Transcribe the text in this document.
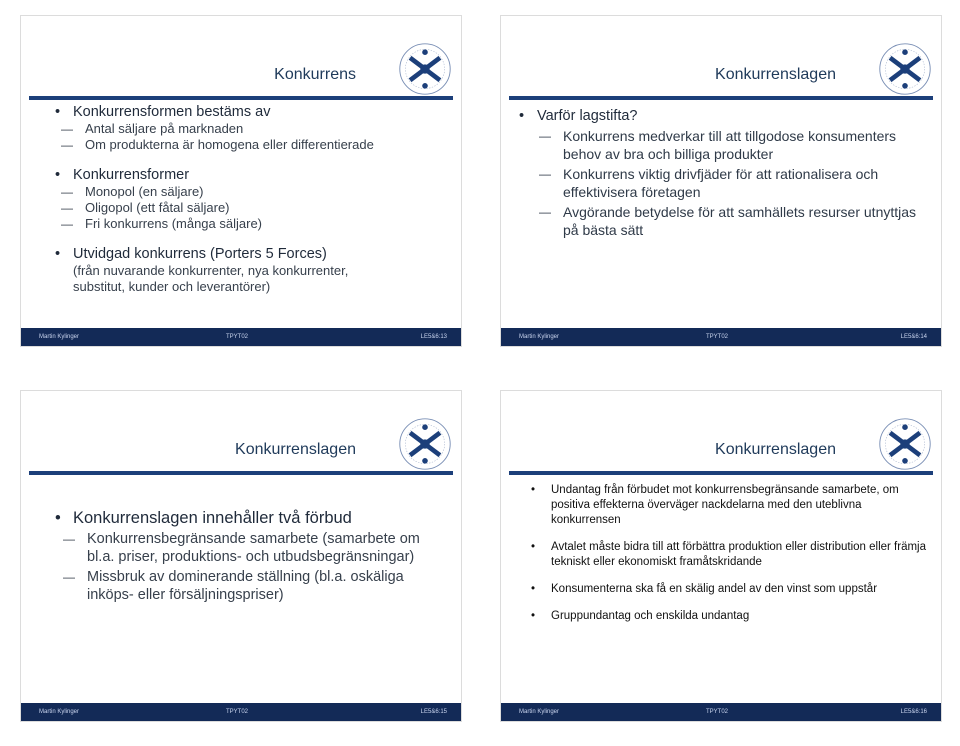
Konkurrens
• Konkurrensformen bestäms av
— Antal säljare på marknaden
— Om produkterna är homogena eller differentierade
• Konkurrensformer
— Monopol (en säljare)
— Oligopol (ett fåtal säljare)
— Fri konkurrens (många säljare)
• Utvidgad konkurrens (Porters 5 Forces)
(från nuvarande konkurrenter, nya konkurrenter,
substitut, kunder och leverantörer)
Martin Kylinger	TPYT02	LE5&6:13
Konkurrenslagen
• Varför lagstifta?
— Konkurrens medverkar till att tillgodose konsumenters behov av bra och billiga produkter
— Konkurrens viktig drivfjäder för att rationalisera och effektivisera företagen
— Avgörande betydelse för att samhällets resurser utnyttjas på bästa sätt
Martin Kylinger	TPYT02	LE5&6:14
Konkurrenslagen
• Konkurrenslagen innehåller två förbud
— Konkurrensbegränsande samarbete (samarbete om bl.a. priser, produktions- och utbudsbegränsningar)
— Missbruk av dominerande ställning (bl.a. oskäliga inköps- eller försäljningspriser)
Martin Kylinger	TPYT02	LE5&6:15
Konkurrenslagen
• Undantag från förbudet mot konkurrensbegränsande samarbete, om positiva effekterna överväger nackdelarna med den uteblivna konkurrensen
• Avtalet måste bidra till att förbättra produktion eller distribution eller främja tekniskt eller ekonomiskt framåtskridande
• Konsumenterna ska få en skälig andel av den vinst som uppstår
• Gruppundantag och enskilda undantag
Martin Kylinger	TPYT02	LE5&6:16
